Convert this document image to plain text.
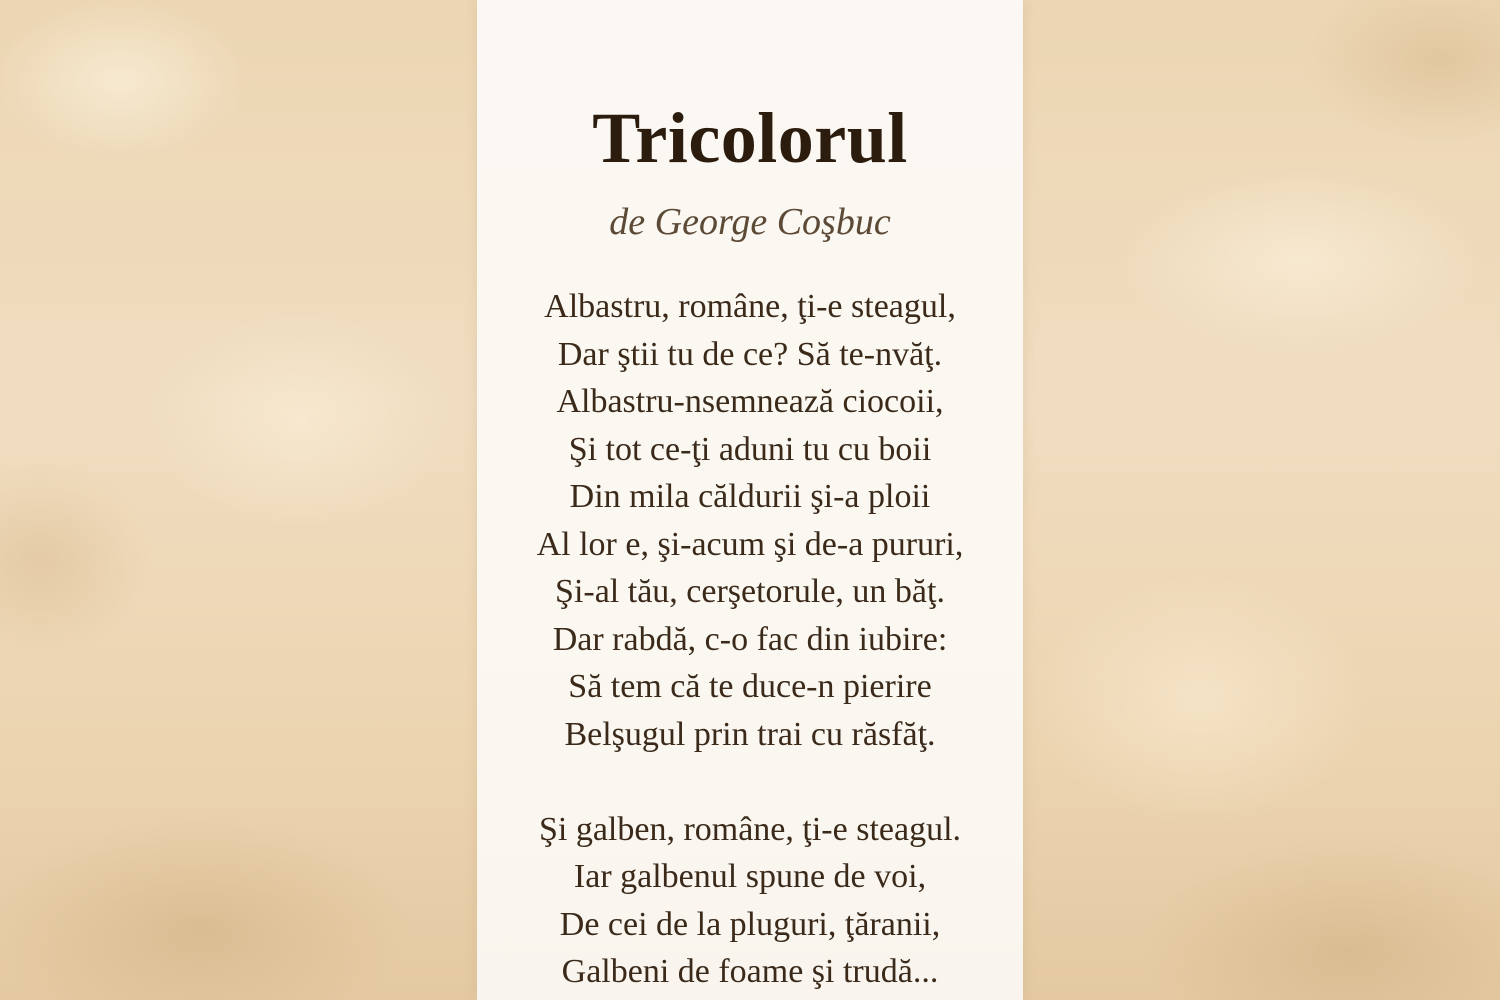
Tricolorul
de George Coşbuc
Albastru, române, ţi-e steagul,
Dar ştii tu de ce? Să te-nvăţ.
Albastru-nsemnează ciocoii,
Şi tot ce-ţi aduni tu cu boii
Din mila căldurii şi-a ploii
Al lor e, şi-acum şi de-a pururi,
Şi-al tău, cerşetorule, un băţ.
Dar rabdă, c-o fac din iubire:
Să tem că te duce-n pierire
Belşugul prin trai cu răsfăţ.
Şi galben, române, ţi-e steagul.
Iar galbenul spune de voi,
De cei de la pluguri, ţăranii,
Galbeni de foame şi trudă...
